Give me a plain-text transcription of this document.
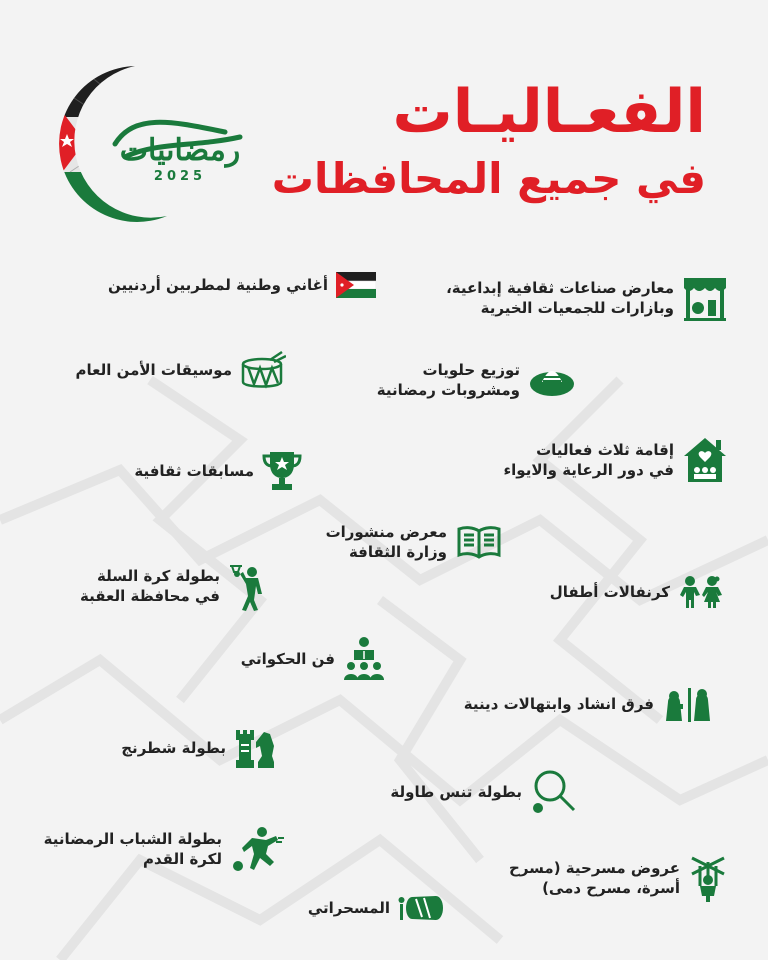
رمضانيات
2025
الفعـاليـات
في جميع المحافظات
معارض صناعات ثقافية إبداعية،
وبازارات للجمعيات الخيرية
توزيع حلويات
ومشروبات رمضانية
إقامة ثلاث فعاليات
في دور الرعاية والايواء
معرض منشورات
وزارة الثقافة
كرنفالات أطفال
فرق انشاد وابتهالات دينية
بطولة تنس طاولة
عروض مسرحية (مسرح
أسرة، مسرح دمى)
أغاني وطنية لمطربين أردنيين
موسيقات الأمن العام
مسابقات ثقافية
بطولة كرة السلة
في محافظة العقبة
فن الحكواتي
بطولة شطرنج
بطولة الشباب الرمضانية
لكرة القدم
المسحراتي
